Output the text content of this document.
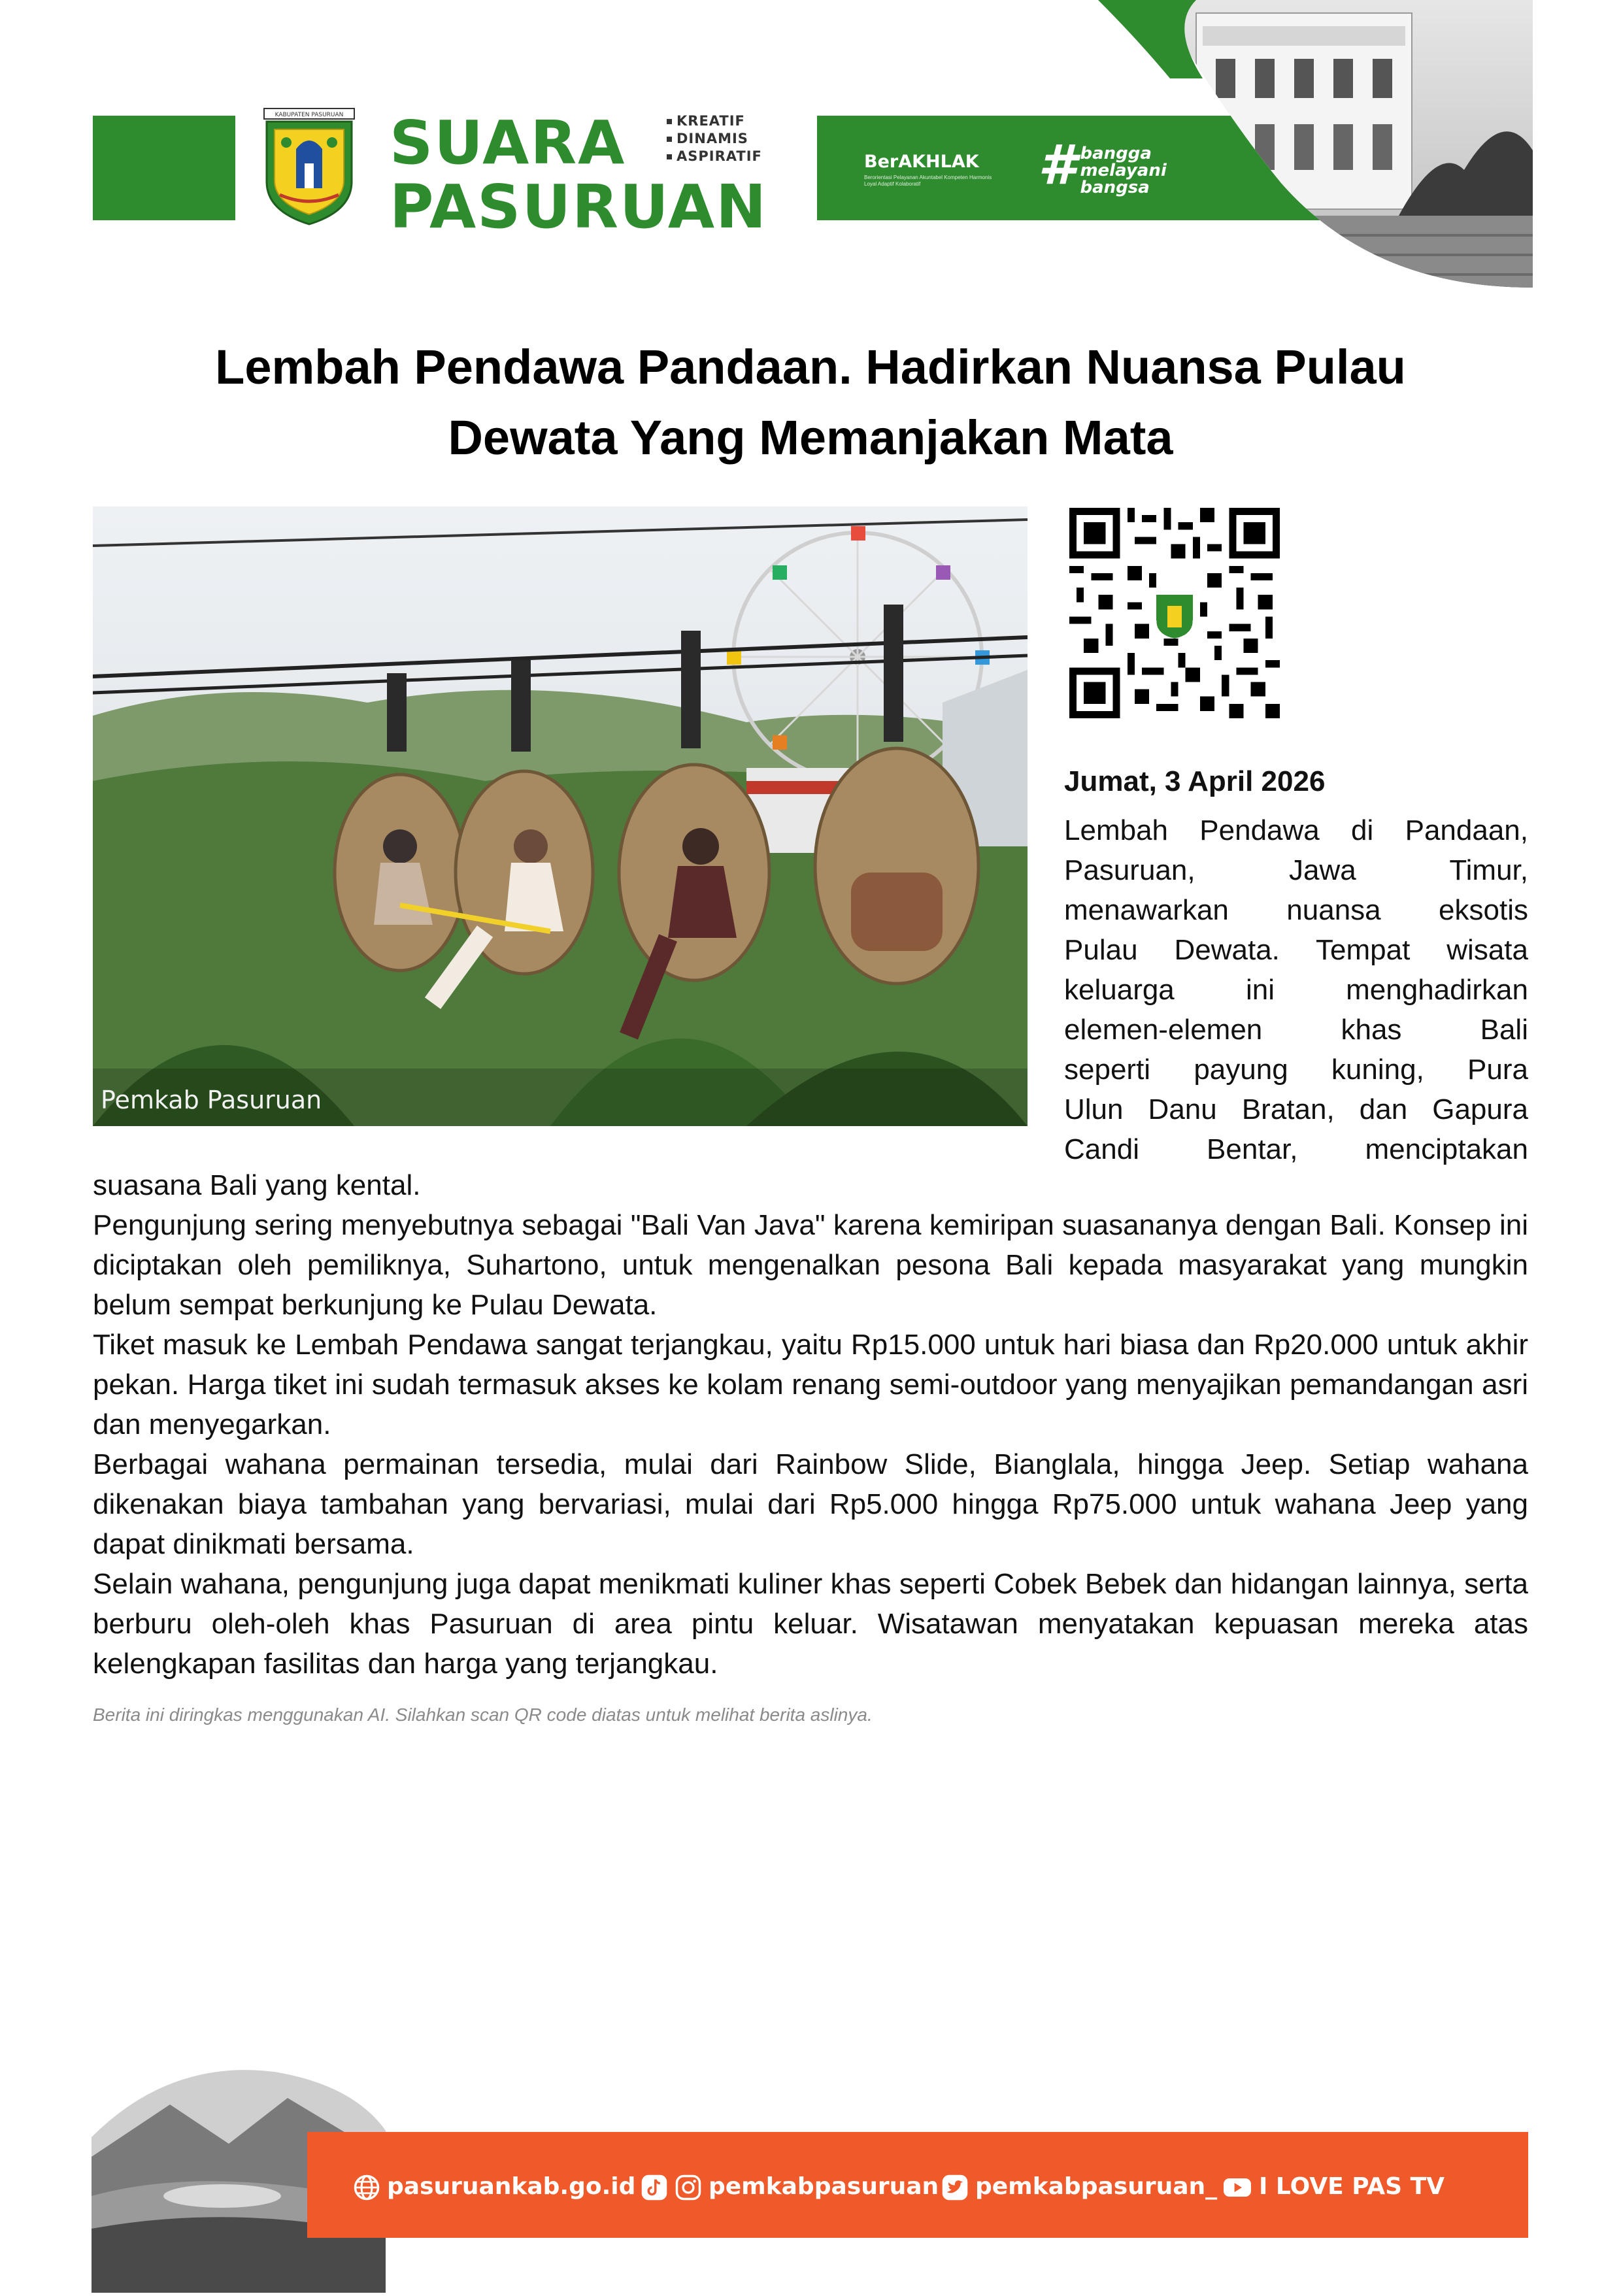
KABUPATEN PASURUAN SUARA
PASURUAN
KREATIF
DINAMIS
ASPIRATIF	BerAKHLAK
Berorientasi Pelayanan Akuntabel Kompeten Harmonis Loyal Adaptif Kolaboratif	# bangga
melayani
bangsa
Lembah Pendawa Pandaan. Hadirkan Nuansa Pulau
Dewata Yang Memanjakan Mata
Pemkab Pasuruan
Jumat, 3 April 2026
Lembah Pendawa di Pandaan,
Pasuruan, Jawa Timur,
menawarkan nuansa eksotis
Pulau Dewata. Tempat wisata
keluarga ini menghadirkan
elemen-elemen khas Bali
seperti payung kuning, Pura
Ulun Danu Bratan, dan Gapura
Candi Bentar, menciptakan

suasana Bali yang kental.

Pengunjung sering menyebutnya sebagai "Bali Van Java" karena kemiripan suasananya dengan Bali. Konsep ini diciptakan oleh pemiliknya, Suhartono, untuk mengenalkan pesona Bali kepada masyarakat yang mungkin belum sempat berkunjung ke Pulau Dewata.

Tiket masuk ke Lembah Pendawa sangat terjangkau, yaitu Rp15.000 untuk hari biasa dan Rp20.000 untuk akhir pekan. Harga tiket ini sudah termasuk akses ke kolam renang semi-outdoor yang menyajikan pemandangan asri dan menyegarkan.

Berbagai wahana permainan tersedia, mulai dari Rainbow Slide, Bianglala, hingga Jeep. Setiap wahana dikenakan biaya tambahan yang bervariasi, mulai dari Rp5.000 hingga Rp75.000 untuk wahana Jeep yang dapat dinikmati bersama.

Selain wahana, pengunjung juga dapat menikmati kuliner khas seperti Cobek Bebek dan hidangan lainnya, serta berburu oleh-oleh khas Pasuruan di area pintu keluar. Wisatawan menyatakan kepuasan mereka atas kelengkapan fasilitas dan harga yang terjangkau.

Berita ini diringkas menggunakan AI. Silahkan scan QR code diatas untuk melihat berita aslinya.
pasuruankab.go.id	pemkabpasuruan	pemkabpasuruan_	I LOVE PAS TV
